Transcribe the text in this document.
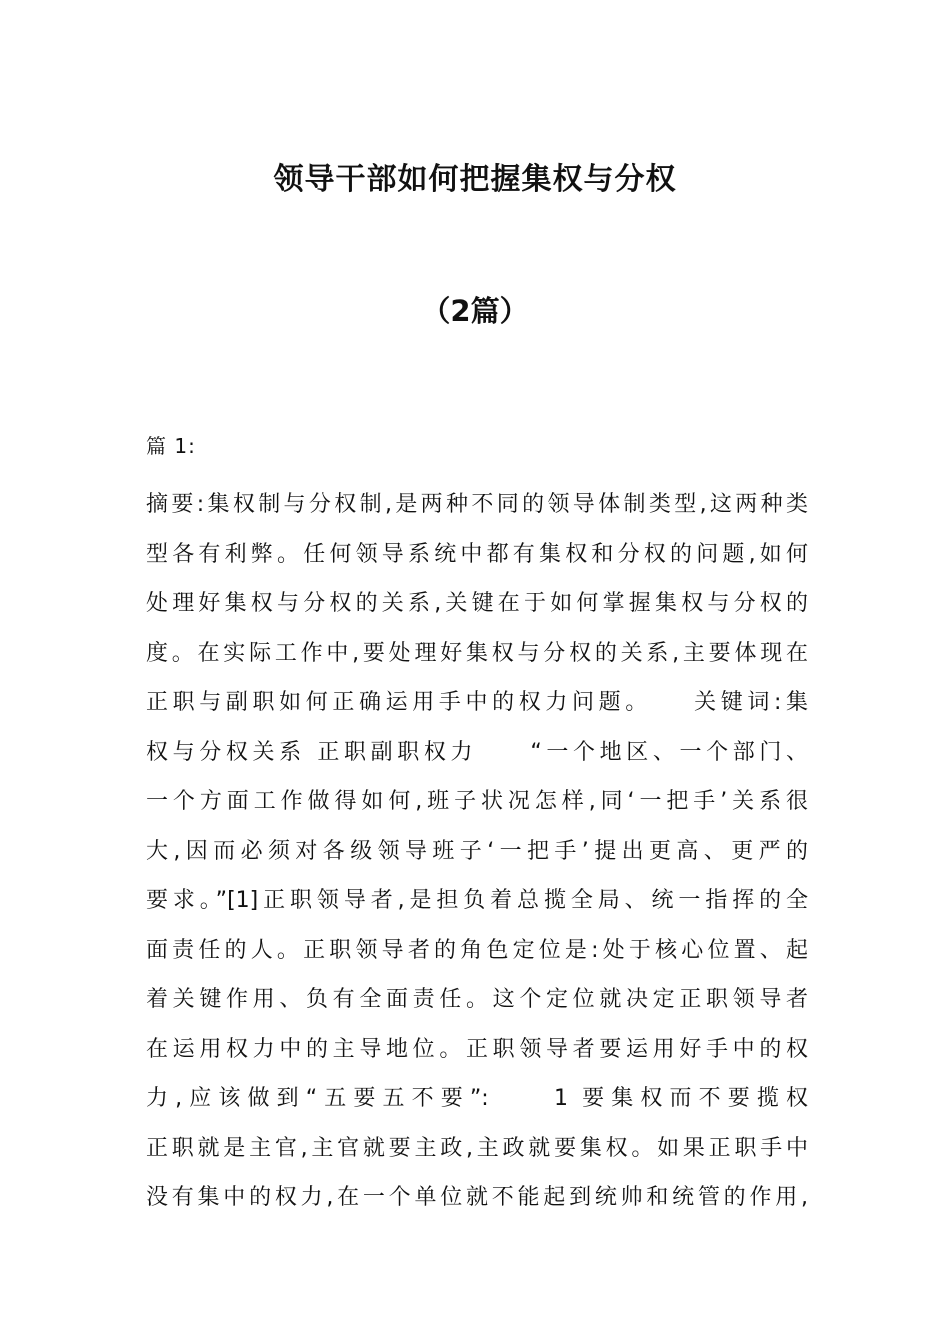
领导干部如何把握集权与分权
（2篇）
篇 1:
摘要:集权制与分权制,是两种不同的领导体制类型,这两种类
型各有利弊。任何领导系统中都有集权和分权的问题,如何
处理好集权与分权的关系,关键在于如何掌握集权与分权的
度。在实际工作中,要处理好集权与分权的关系,主要体现在
正职与副职如何正确运用手中的权力问题。　　关键词:集
权与分权关系 正职副职权力　　“一个地区、一个部门、
一个方面工作做得如何,班子状况怎样,同‘一把手’关系很
大,因而必须对各级领导班子‘一把手’提出更高、更严的
要求。”[1]正职领导者,是担负着总揽全局、统一指挥的全
面责任的人。正职领导者的角色定位是:处于核心位置、起
着关键作用、负有全面责任。这个定位就决定正职领导者
在运用权力中的主导地位。正职领导者要运用好手中的权
力,应该做到“五要五不要”:　　1 要集权而不要揽权
正职就是主官,主官就要主政,主政就要集权。如果正职手中
没有集中的权力,在一个单位就不能起到统帅和统管的作用,
